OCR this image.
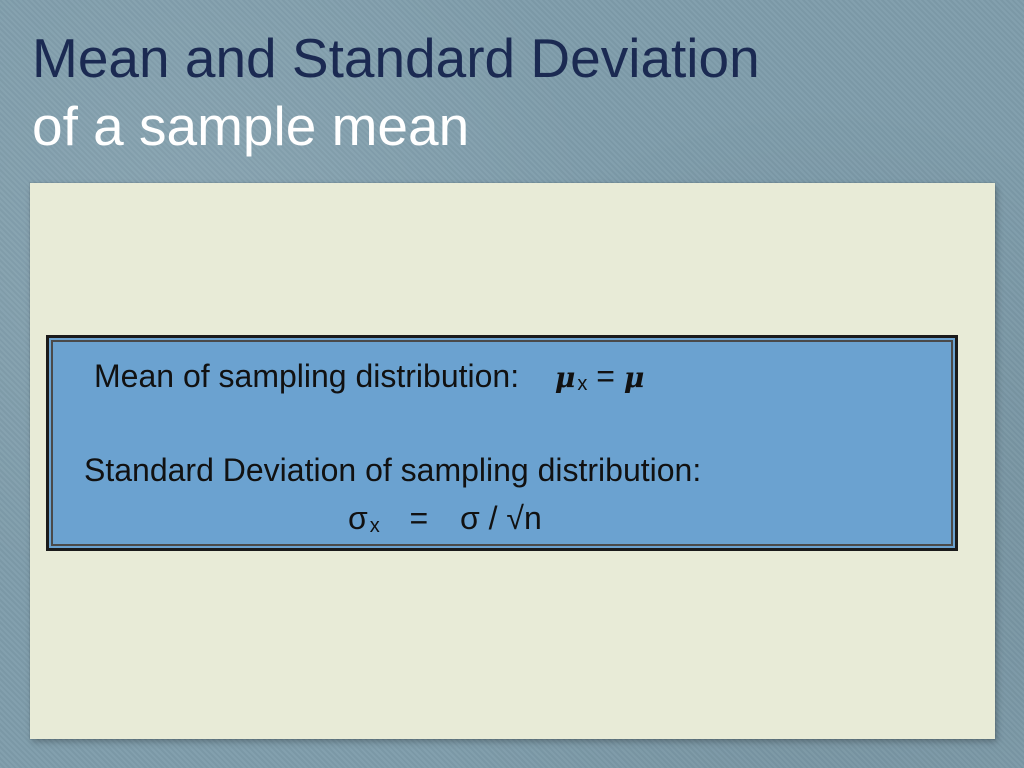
Mean and Standard Deviation
of a sample mean
Mean of sampling distribution: μ x = μ
Standard Deviation of sampling distribution:
σx = σ / √n
